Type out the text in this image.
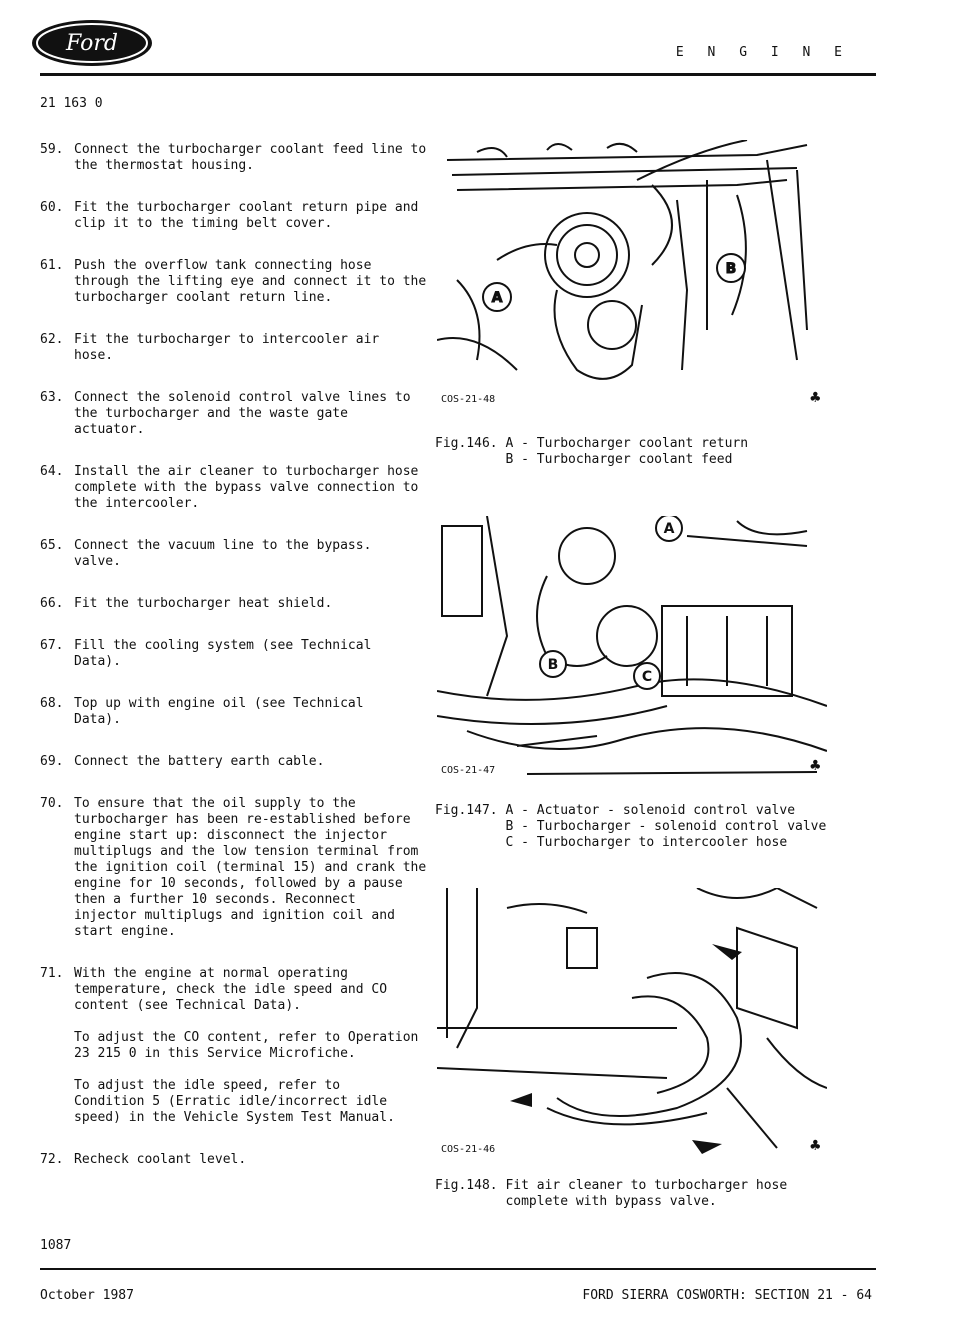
Ford	E N G I N E
21 163 0
59. Connect the turbocharger coolant feed line to
the thermostat housing.

60. Fit the turbocharger coolant return pipe and
clip it to the timing belt cover.

61. Push the overflow tank connecting hose
through the lifting eye and connect it to the
turbocharger coolant return line.

62. Fit the turbocharger to intercooler air
hose.

63. Connect the solenoid control valve lines to
the turbocharger and the waste gate
actuator.

64. Install the air cleaner to turbocharger hose
complete with the bypass valve connection to
the intercooler.

65. Connect the vacuum line to the bypass.
valve.

66. Fit the turbocharger heat shield.

67. Fill the cooling system (see Technical
Data).

68. Top up with engine oil (see Technical
Data).

69. Connect the battery earth cable.

70. To ensure that the oil supply to the
turbocharger has been re-established before
engine start up: disconnect the injector
multiplugs and the low tension terminal from
the ignition coil (terminal 15) and crank the
engine for 10 seconds, followed by a pause
then a further 10 seconds. Reconnect
injector multiplugs and ignition coil and
start engine.

71. With the engine at normal operating
temperature, check the idle speed and CO
content (see Technical Data).

To adjust the CO content, refer to Operation
23 215 0 in this Service Microfiche.

To adjust the idle speed, refer to
Condition 5 (Erratic idle/incorrect idle
speed) in the Vehicle System Test Manual.

72. Recheck coolant level.

A
B
COS-21-48	♣
Fig.146. A - Turbocharger coolant return
B - Turbocharger coolant feed
A
B
C
COS-21-47	♣
Fig.147. A - Actuator - solenoid control valve
B - Turbocharger - solenoid control valve
C - Turbocharger to intercooler hose
COS-21-46	♣
Fig.148. Fit air cleaner to turbocharger hose
complete with bypass valve.
1087
October 1987	FORD SIERRA COSWORTH: SECTION 21 - 64
